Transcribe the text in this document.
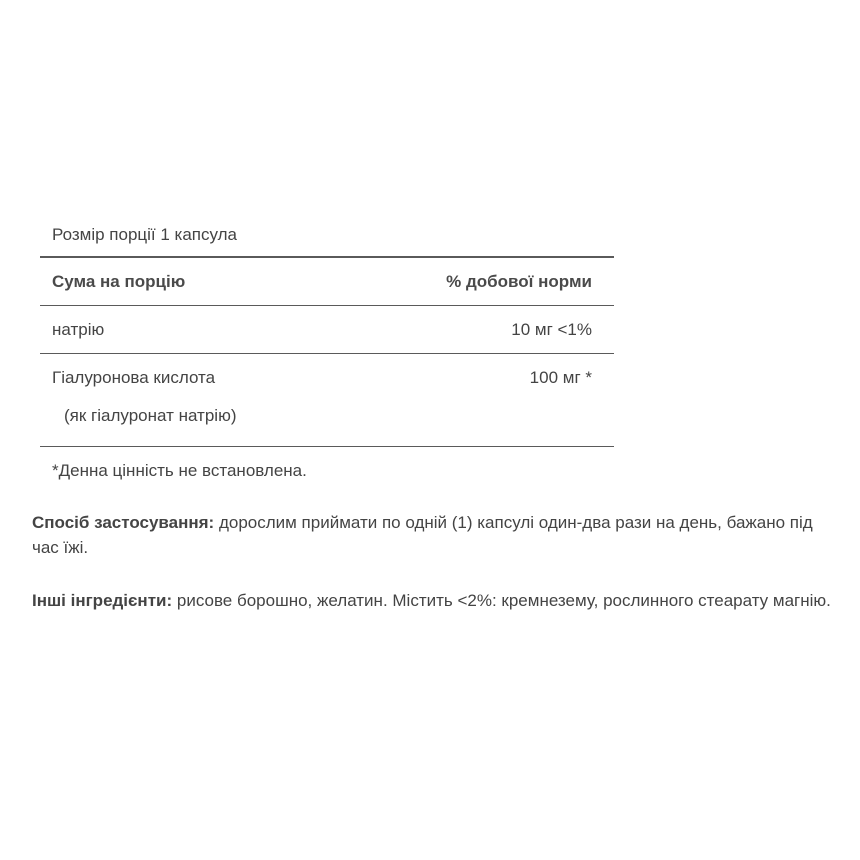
Розмір порції 1 капсула
Сума на порцію	% добової норми
натрію	10 мг <1%
Гіалуронова кислота	100 мг *
(як гіалуронат натрію)
*Денна цінність не встановлена.

Спосіб застосування: дорослим приймати по одній (1) капсулі один-два рази на день, бажано під час їжі.

Інші інгредієнти: рисове борошно, желатин. Містить <2%: кремнезему, рослинного стеарату магнію.
